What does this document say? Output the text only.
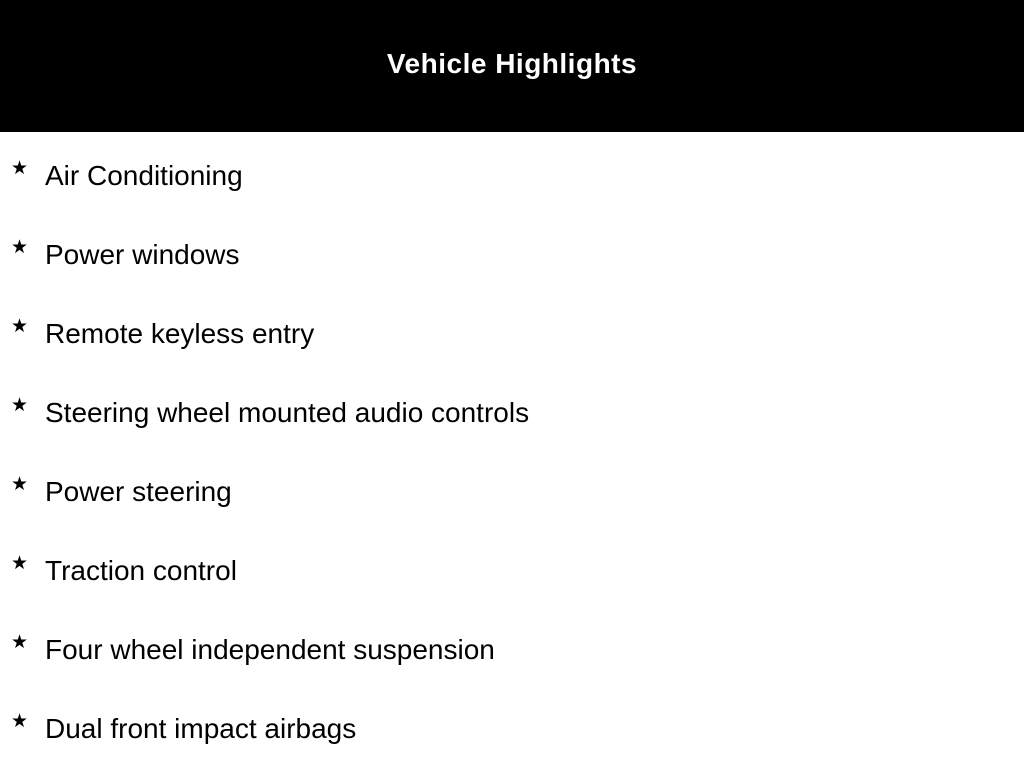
Vehicle Highlights
★ Air Conditioning
★ Power windows
★ Remote keyless entry
★ Steering wheel mounted audio controls
★ Power steering
★ Traction control
★ Four wheel independent suspension
★ Dual front impact airbags
